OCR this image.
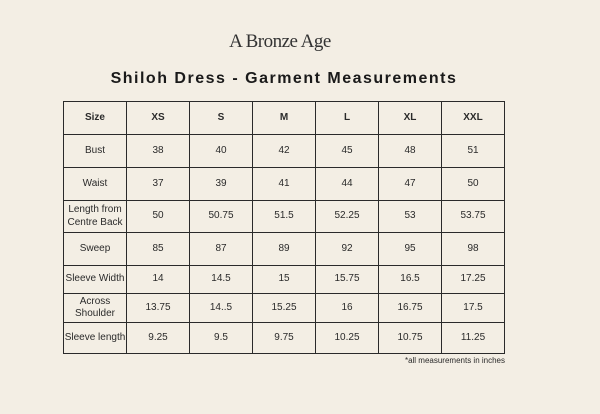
A Bronze Age
Shiloh Dress - Garment Measurements
Size	XS	S	M	L	XL	XXL
Bust	38	40	42	45	48	51
Waist	37	39	41	44	47	50
Length from Centre Back	50	50.75	51.5	52.25	53	53.75
Sweep	85	87	89	92	95	98
Sleeve Width	14	14.5	15	15.75	16.5	17.25
Across Shoulder	13.75	14..5	15.25	16	16.75	17.5
Sleeve length	9.25	9.5	9.75	10.25	10.75	11.25
*all measurements in inches
